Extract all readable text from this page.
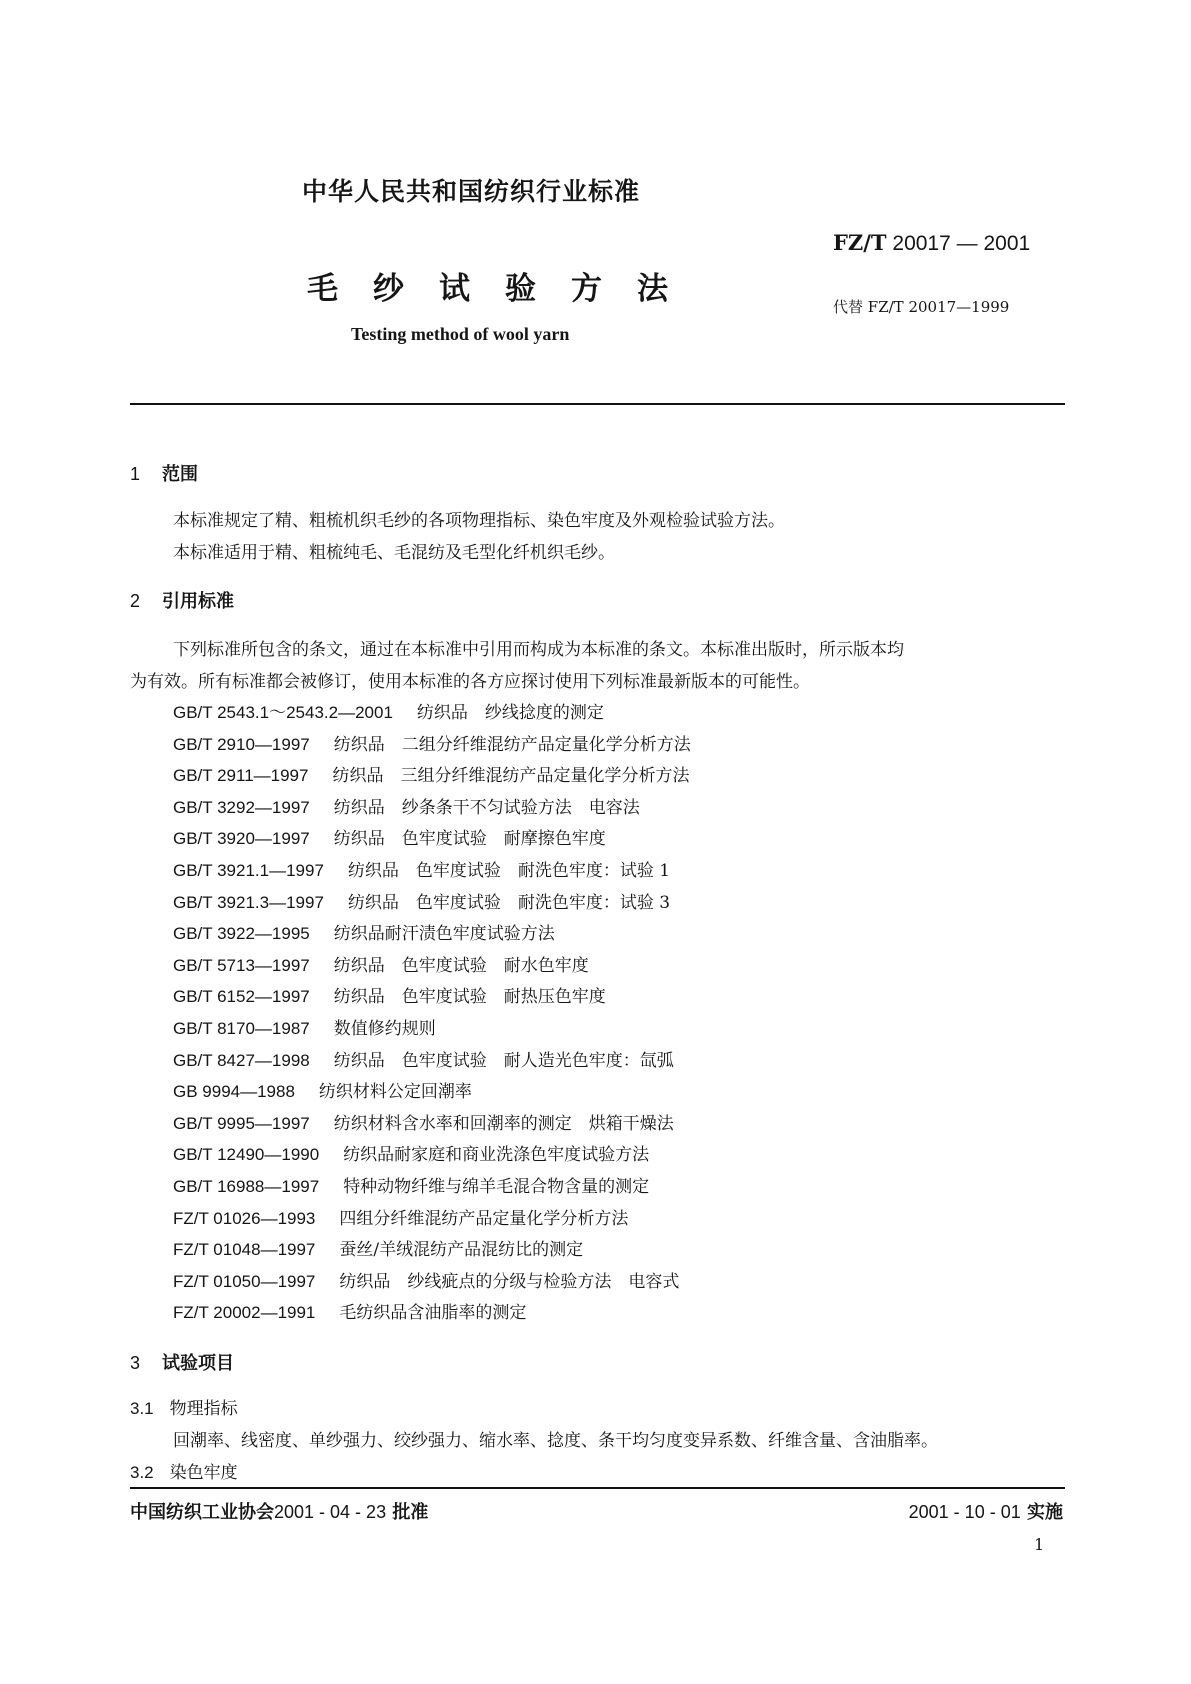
中华人民共和国纺织行业标准
FZ/T 20017 — 2001
毛纱试验方法	代替 FZ/T 20017—1999
Testing method of wool yarn
1 范围
本标准规定了精、粗梳机织毛纱的各项物理指标、染色牢度及外观检验试验方法。
本标准适用于精、粗梳纯毛、毛混纺及毛型化纤机织毛纱。
2 引用标准
下列标准所包含的条文，通过在本标准中引用而构成为本标准的条文。本标准出版时，所示版本均
为有效。所有标准都会被修订，使用本标准的各方应探讨使用下列标准最新版本的可能性。
GB/T 2543.1～2543.2—2001 纺织品　纱线捻度的测定
GB/T 2910—1997 纺织品　二组分纤维混纺产品定量化学分析方法
GB/T 2911—1997 纺织品　三组分纤维混纺产品定量化学分析方法
GB/T 3292—1997 纺织品　纱条条干不匀试验方法　电容法
GB/T 3920—1997 纺织品　色牢度试验　耐摩擦色牢度
GB/T 3921.1—1997 纺织品　色牢度试验　耐洗色牢度：试验 1
GB/T 3921.3—1997 纺织品　色牢度试验　耐洗色牢度：试验 3
GB/T 3922—1995 纺织品耐汗渍色牢度试验方法
GB/T 5713—1997 纺织品　色牢度试验　耐水色牢度
GB/T 6152—1997 纺织品　色牢度试验　耐热压色牢度
GB/T 8170—1987 数值修约规则
GB/T 8427—1998 纺织品　色牢度试验　耐人造光色牢度：氙弧
GB 9994—1988 纺织材料公定回潮率
GB/T 9995—1997 纺织材料含水率和回潮率的测定　烘箱干燥法
GB/T 12490—1990 纺织品耐家庭和商业洗涤色牢度试验方法
GB/T 16988—1997 特种动物纤维与绵羊毛混合物含量的测定
FZ/T 01026—1993 四组分纤维混纺产品定量化学分析方法
FZ/T 01048—1997 蚕丝/羊绒混纺产品混纺比的测定
FZ/T 01050—1997 纺织品　纱线疵点的分级与检验方法　电容式
FZ/T 20002—1991 毛纺织品含油脂率的测定
3 试验项目
3.1 物理指标
回潮率、线密度、单纱强力、绞纱强力、缩水率、捻度、条干均匀度变异系数、纤维含量、含油脂率。
3.2 染色牢度
中国纺织工业协会2001 - 04 - 23 批准	2001 - 10 - 01 实施
1
